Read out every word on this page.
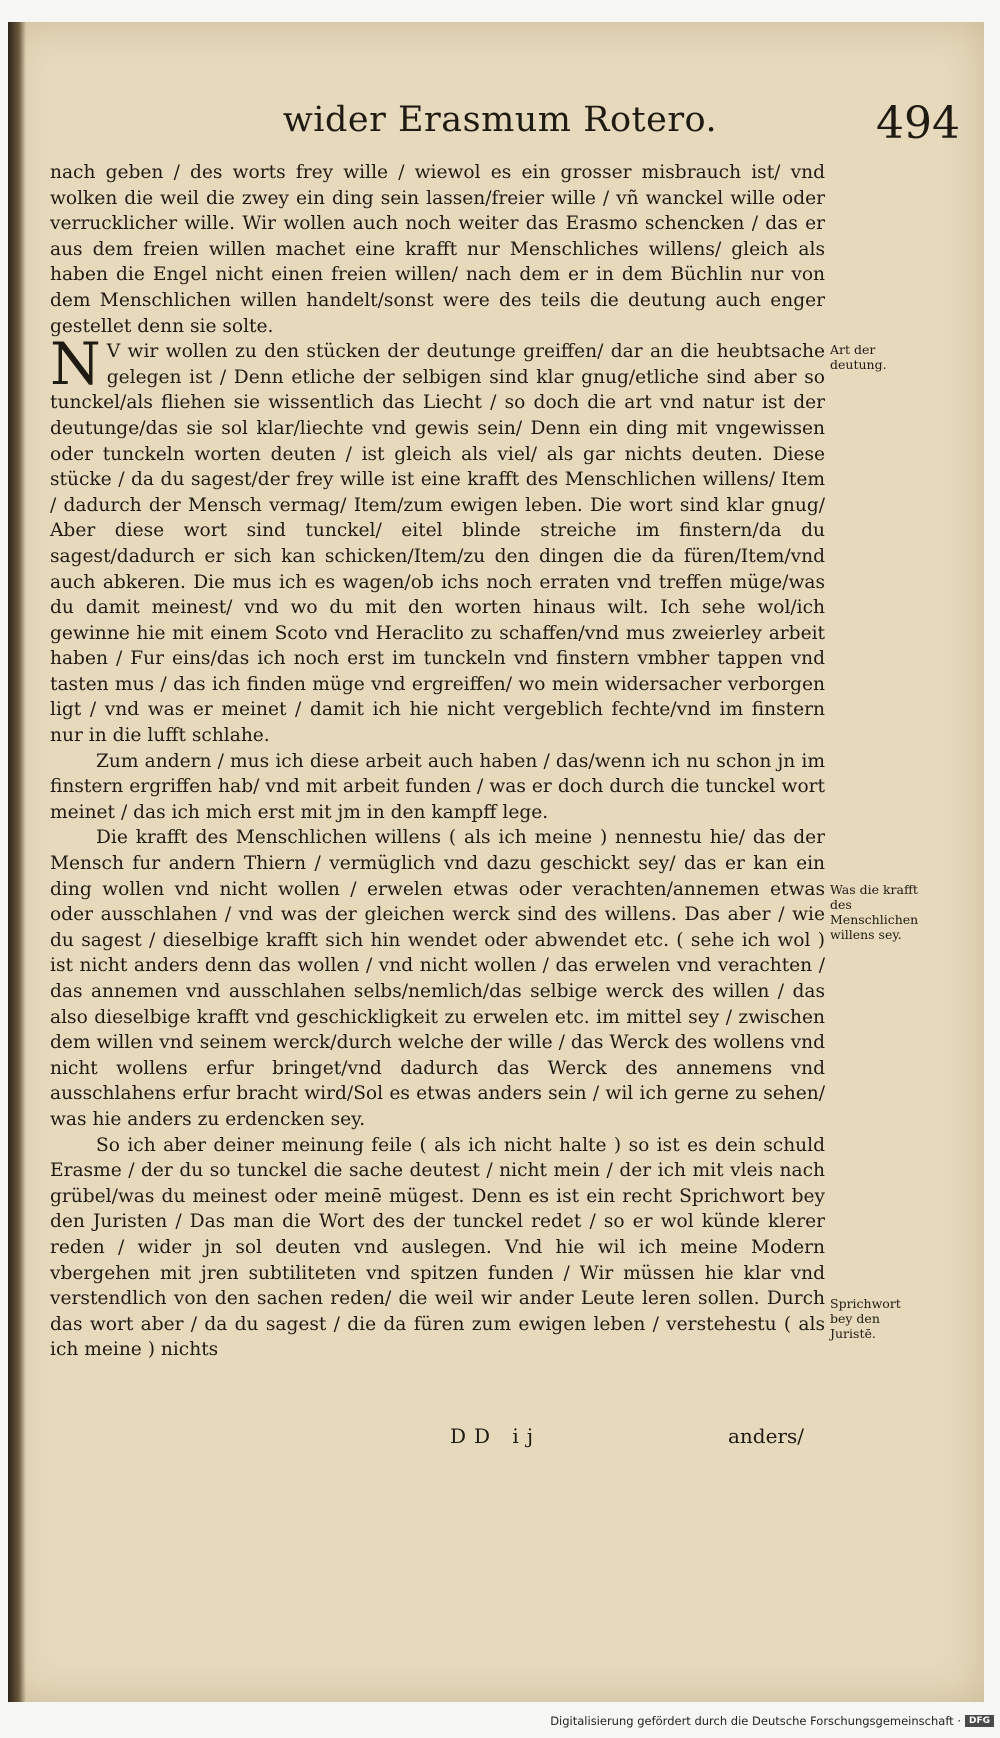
wider Erasmum Rotero.	494

nach geben / des worts frey wille / wiewol es ein grosser misbrauch ist/ vnd wolken die weil die zwey ein ding sein lassen/freier wille / vñ wanckel wille oder verrucklicher wille. Wir wollen auch noch weiter das Erasmo schencken / das er aus dem freien willen machet eine krafft nur Menschliches willens/ gleich als haben die Engel nicht einen freien willen/ nach dem er in dem Büchlin nur von dem Menschlichen willen handelt/sonst were des teils die deutung auch enger gestellet denn sie solte.

NV wir wollen zu den stücken der deutunge greiffen/ dar an die heubtsache gelegen ist / Denn etliche der selbigen sind klar gnug/etliche sind aber so tunckel/als fliehen sie wissentlich das Liecht / so doch die art vnd natur ist der deutunge/das sie sol klar/liechte vnd gewis sein/ Denn ein ding mit vngewissen oder tunckeln worten deuten / ist gleich als viel/ als gar nichts deuten. Diese stücke / da du sagest/der frey wille ist eine krafft des Menschlichen willens/ Item / dadurch der Mensch vermag/ Item/zum ewigen leben. Die wort sind klar gnug/ Aber diese wort sind tunckel/ eitel blinde streiche im finstern/da du sagest/dadurch er sich kan schicken/Item/zu den dingen die da füren/Item/vnd auch abkeren. Die mus ich es wagen/ob ichs noch erraten vnd treffen müge/was du damit meinest/ vnd wo du mit den worten hinaus wilt. Ich sehe wol/ich gewinne hie mit einem Scoto vnd Heraclito zu schaffen/vnd mus zweierley arbeit haben / Fur eins/das ich noch erst im tunckeln vnd finstern vmbher tappen vnd tasten mus / das ich finden müge vnd ergreiffen/ wo mein widersacher verborgen ligt / vnd was er meinet / damit ich hie nicht vergeblich fechte/vnd im finstern nur in die lufft schlahe.

Zum andern / mus ich diese arbeit auch haben / das/wenn ich nu schon jn im finstern ergriffen hab/ vnd mit arbeit funden / was er doch durch die tunckel wort meinet / das ich mich erst mit jm in den kampff lege.

Die krafft des Menschlichen willens ( als ich meine ) nennestu hie/ das der Mensch fur andern Thiern / vermüglich vnd dazu geschickt sey/ das er kan ein ding wollen vnd nicht wollen / erwelen etwas oder verachten/annemen etwas oder ausschlahen / vnd was der gleichen werck sind des willens. Das aber / wie du sagest / dieselbige krafft sich hin wendet oder abwendet etc. ( sehe ich wol ) ist nicht anders denn das wollen / vnd nicht wollen / das erwelen vnd verachten / das annemen vnd ausschlahen selbs/nemlich/das selbige werck des willen / das also dieselbige krafft vnd geschickligkeit zu erwelen etc. im mittel sey / zwischen dem willen vnd seinem werck/durch welche der wille / das Werck des wollens vnd nicht wollens erfur bringet/vnd dadurch das Werck des annemens vnd ausschlahens erfur bracht wird/Sol es etwas anders sein / wil ich gerne zu sehen/ was hie anders zu erdencken sey.

So ich aber deiner meinung feile ( als ich nicht halte ) so ist es dein schuld Erasme / der du so tunckel die sache deutest / nicht mein / der ich mit vleis nach grübel/was du meinest oder meinē mügest. Denn es ist ein recht Sprichwort bey den Juristen / Das man die Wort des der tunckel redet / so er wol künde klerer reden / wider jn sol deuten vnd auslegen. Vnd hie wil ich meine Modern vbergehen mit jren subtiliteten vnd spitzen funden / Wir müssen hie klar vnd verstendlich von den sachen reden/ die weil wir ander Leute leren sollen. Durch das wort aber / da du sagest / die da füren zum ewigen leben / verstehestu ( als ich meine ) nichts

Art der deutung.
Was die krafft des Menschlichen willens sey.
Sprichwort bey den Juristē.
DD ij	anders/
Digitalisierung gefördert durch die Deutsche Forschungsgemeinschaft · DFG
